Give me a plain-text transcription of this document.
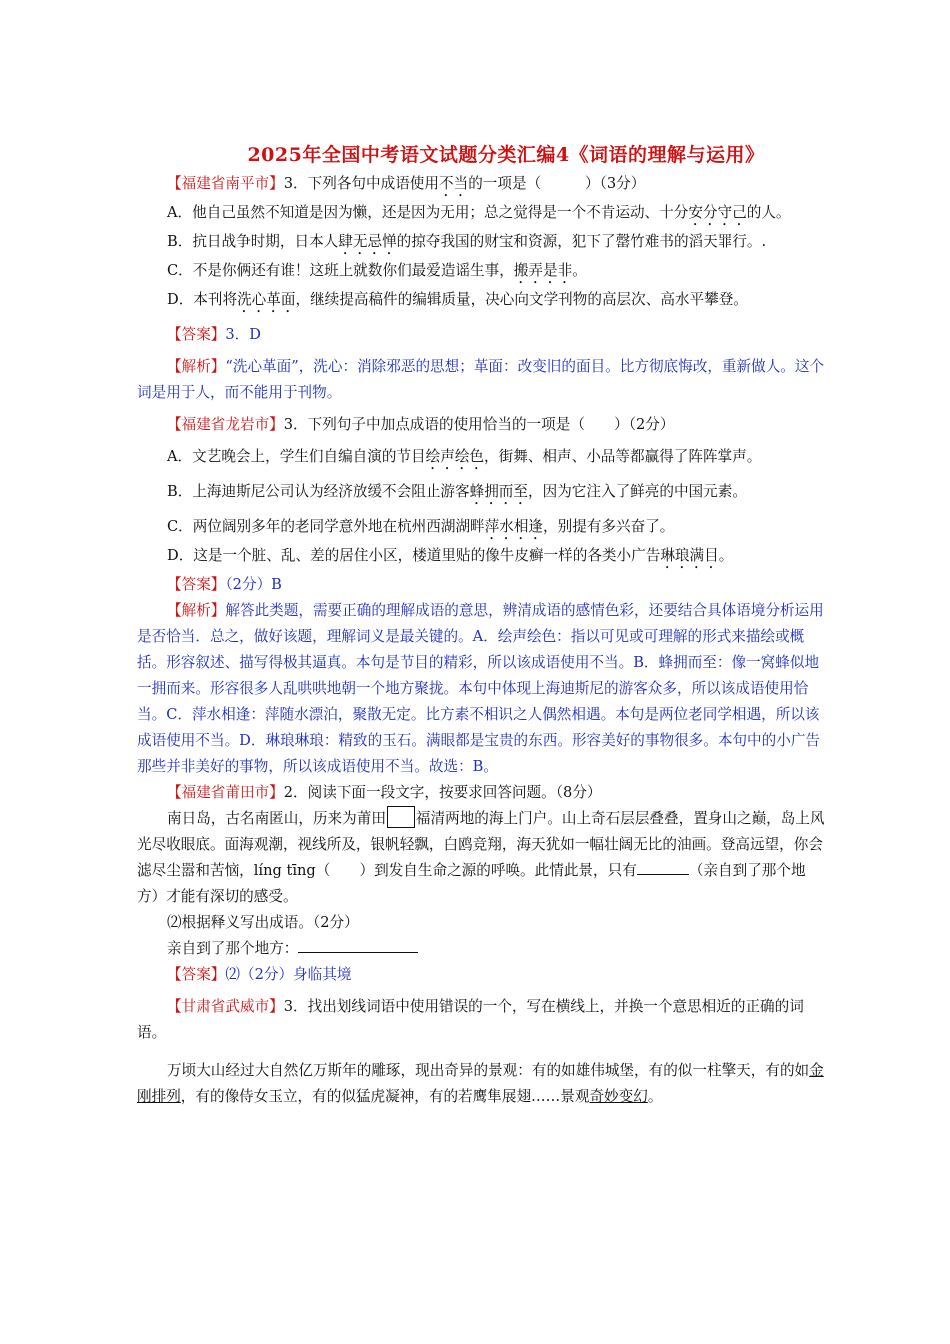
2025年全国中考语文试题分类汇编4《词语的理解与运用》

【福建省南平市】3．下列各句中成语使用不当的一项是（　　　）（3分）

A．他自己虽然不知道是因为懒，还是因为无用；总之觉得是一个不肯运动、十分安分守己的人。

B．抗日战争时期，日本人肆无忌惮的掠夺我国的财宝和资源，犯下了罄竹难书的滔天罪行。.

C．不是你俩还有谁！这班上就数你们最爱造谣生事，搬弄是非。

D．本刊将洗心革面，继续提高稿件的编辑质量，决心向文学刊物的高层次、高水平攀登。

【答案】3．D

【解析】“洗心革面”，洗心：消除邪恶的思想；革面：改变旧的面目。比方彻底悔改，重新做人。这个词是用于人，而不能用于刊物。

【福建省龙岩市】3．下列句子中加点成语的使用恰当的一项是（　　）（2分）

A．文艺晚会上，学生们自编自演的节目绘声绘色，街舞、相声、小品等都赢得了阵阵掌声。

B．上海迪斯尼公司认为经济放缓不会阻止游客蜂拥而至，因为它注入了鲜亮的中国元素。

C．两位阔别多年的老同学意外地在杭州西湖湖畔萍水相逢，别提有多兴奋了。

D．这是一个脏、乱、差的居住小区，楼道里贴的像牛皮癣一样的各类小广告琳琅满目。

【答案】（2分）B

【解析】解答此类题，需要正确的理解成语的意思，辨清成语的感情色彩，还要结合具体语境分析运用是否恰当．总之，做好该题，理解词义是最关键的。A．绘声绘色：指以可见或可理解的形式来描绘或概括。形容叙述、描写得极其逼真。本句是节目的精彩，所以该成语使用不当。B．蜂拥而至：像一窝蜂似地一拥而来。形容很多人乱哄哄地朝一个地方聚拢。本句中体现上海迪斯尼的游客众多，所以该成语使用恰当。C．萍水相逢：萍随水漂泊，聚散无定。比方素不相识之人偶然相遇。本句是两位老同学相遇，所以该成语使用不当。D．琳琅琳琅：精致的玉石。满眼都是宝贵的东西。形容美好的事物很多。本句中的小广告那些并非美好的事物，所以该成语使用不当。故选：B。

【福建省莆田市】2．阅读下面一段文字，按要求回答问题。（8分）

南日岛，古名南匿山，历来为莆田 福清两地的海上门户。山上奇石层层叠叠，置身山之巅，岛上风光尽收眼底。面海观潮，视线所及，银帆轻飘，白鸥竞翔，海天犹如一幅壮阔无比的油画。登高远望，你会滤尽尘嚣和苦恼，líng tīng（　　）到发自生命之源的呼唤。此情此景，只有	（亲自到了那个地方）才能有深切的感受。

⑵根据释义写出成语。（2分）

亲自到了那个地方：

【答案】⑵（2分）身临其境

【甘肃省武威市】3．找出划线词语中使用错误的一个，写在横线上，并换一个意思相近的正确的词语。

万顷大山经过大自然亿万斯年的雕琢，现出奇异的景观：有的如雄伟城堡，有的似一柱擎天，有的如金刚排列，有的像侍女玉立，有的似猛虎凝神，有的若鹰隼展翅……景观奇妙变幻。
